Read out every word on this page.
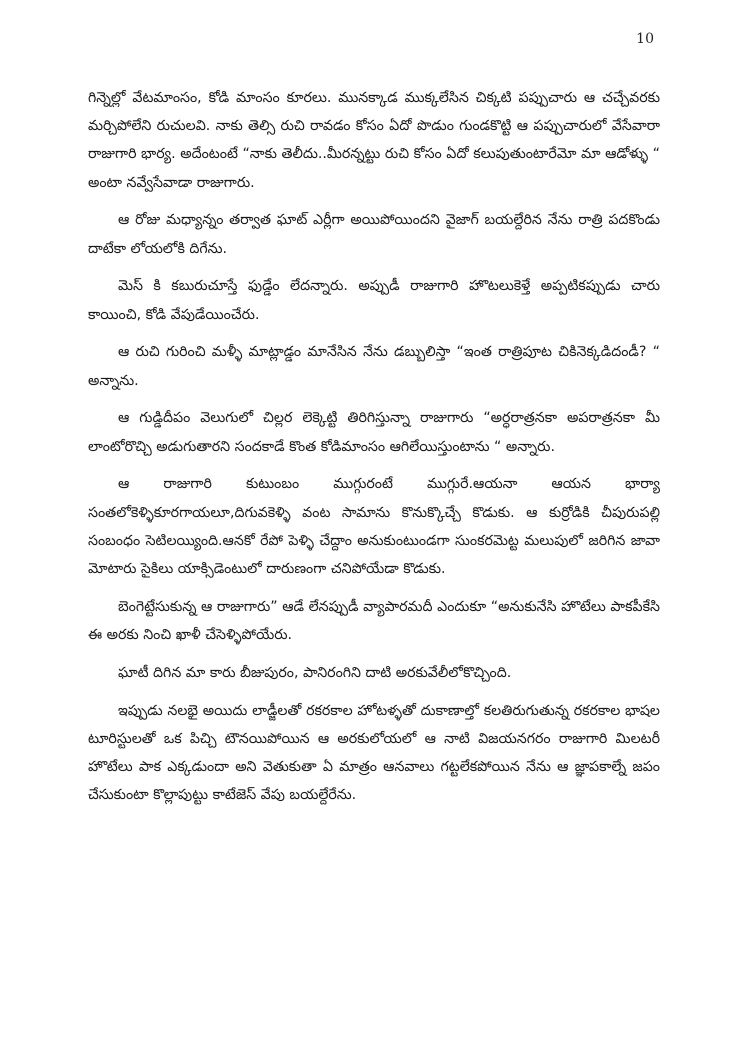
10

గిన్నెల్లో వేటమాంసం, కోడి మాంసం కూరలు. మునక్కాడ ముక్కలేసిన చిక్కటి పప్పుచారు ఆ చచ్చేవరకు మర్చిపోలేని రుచులవి. నాకు తెల్సి రుచి రావడం కోసం ఏదో పొడుం గుండకొట్టి ఆ పప్పుచారులో వేసేవారా రాజుగారి భార్య. అదేంటంటే “నాకు తెలీదు..మీరన్నట్టు రుచి కోసం ఏదో కలుపుతుంటారేమో మా ఆడోళ్ళు “ అంటా నవ్వేసేవాడా రాజుగారు.

ఆ రోజు మధ్యాన్నం తర్వాత ఘాట్ ఎర్లీగా అయిపోయిందని వైజాగ్ బయల్దేరిన నేను రాత్రి పదకొండు దాటేకా లోయలోకి దిగేను.

మెస్ కి కబురుచూస్తే ఫుడ్డేం లేదన్నారు. అప్పుడీ రాజుగారి హొటలుకెళ్తే అప్పటికప్పుడు చారు కాయించి, కోడి వేపుడేయించేరు.

ఆ రుచి గురించి మళ్ళీ మాట్లాడ్డం మానేసిన నేను డబ్బులిస్తా “ఇంత రాత్రిపూట చికినెక్కడిదండీ? “ అన్నాను.

ఆ గుడ్డిదీపం వెలుగులో చిల్లర లెక్కెట్టి తిరిగిస్తున్నా రాజుగారు “అర్ధరాత్రనకా అపరాత్రనకా మీ లాంటోరొచ్చి అడుగుతారని సందకాడే కొంత కోడిమాంసం ఆగిలేయిస్తుంటాను “ అన్నారు.

ఆ రాజుగారి కుటుంబం ముగ్గురంటే ముగ్గురే.ఆయనా ఆయన భార్యా సంతలోకెళ్ళికూరగాయలూ,దిగువకెళ్ళి వంట సామాను కొనుక్కొచ్చే కొడుకు. ఆ కుర్రోడికి చీపురుపల్లి సంబంధం సెటిలయ్యింది.ఆనకో రేపో పెళ్ళి చేద్దాం అనుకుంటుండగా సుంకరమెట్ట మలుపులో జరిగిన జావా మోటారు సైకిలు యాక్సిడెంటులో దారుణంగా చనిపోయేడా కొడుకు.

బెంగెట్టేసుకున్న ఆ రాజుగారు” ఆడే లేనప్పుడీ వ్యాపారమదీ ఎందుకూ “అనుకునేసి హొటేలు పాకపీకేసి ఈ అరకు నించి ఖాళీ చేసెళ్ళిపోయేరు.

ఘాటీ దిగిన మా కారు బీజుపురం, పానిరంగిని దాటి అరకువేలీలోకొచ్చింది.

ఇప్పుడు నలభై అయిదు లాడ్జీలతో రకరకాల హోటళ్ళతో దుకాణాల్తో కలతిరుగుతున్న రకరకాల భాషల టూరిస్టులతో ఒక పిచ్చి టౌనయిపోయిన ఆ అరకులోయలో ఆ నాటి విజయనగరం రాజుగారి మిలటరీ హొటేలు పాక ఎక్కడుందా అని వెతుకుతా ఏ మాత్రం ఆనవాలు గట్టలేకపోయిన నేను ఆ జ్ఞాపకాల్నే జపం చేసుకుంటా కొల్లాపుట్టు కాటేజెస్ వేపు బయల్దేరేను.
